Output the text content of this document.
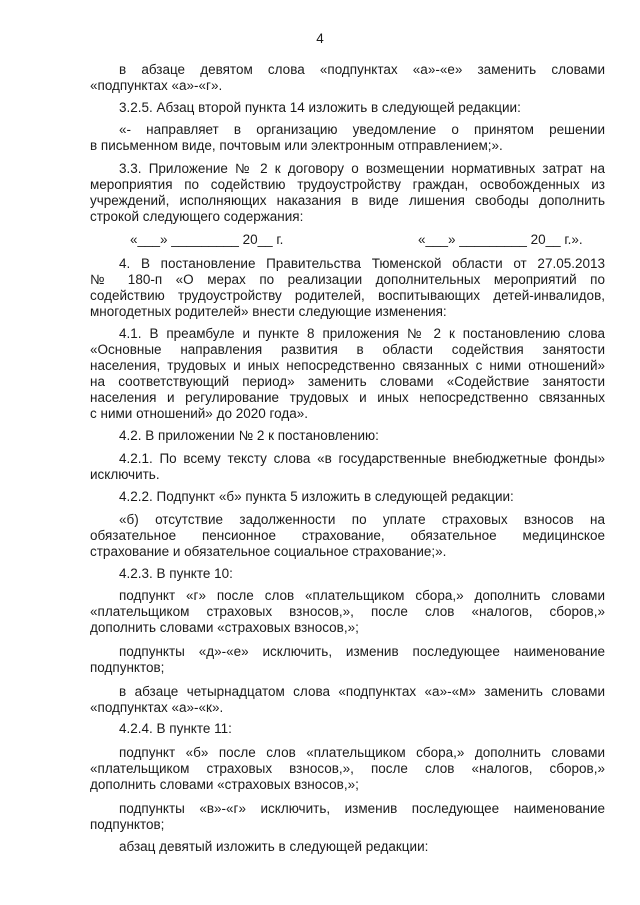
4
в абзаце девятом слова «подпунктах «а»-«е» заменить словами
«подпунктах «а»-«г».
3.2.5. Абзац второй пункта 14 изложить в следующей редакции:
«- направляет в организацию уведомление о принятом решении
в письменном виде, почтовым или электронным отправлением;».
3.3. Приложение № 2 к договору о возмещении нормативных затрат на
мероприятия по содействию трудоустройству граждан, освобожденных из
учреждений, исполняющих наказания в виде лишения свободы дополнить
строкой следующего содержания:
«___» _________ 20__ г.	«___» _________ 20__ г.».
4. В постановление Правительства Тюменской области от 27.05.2013
№ 180-п «О мерах по реализации дополнительных мероприятий по
содействию трудоустройству родителей, воспитывающих детей-инвалидов,
многодетных родителей» внести следующие изменения:
4.1. В преамбуле и пункте 8 приложения № 2 к постановлению слова
«Основные направления развития в области содействия занятости
населения, трудовых и иных непосредственно связанных с ними отношений»
на соответствующий период» заменить словами «Содействие занятости
населения и регулирование трудовых и иных непосредственно связанных
с ними отношений» до 2020 года».
4.2. В приложении № 2 к постановлению:
4.2.1. По всему тексту слова «в государственные внебюджетные фонды»
исключить.
4.2.2. Подпункт «б» пункта 5 изложить в следующей редакции:
«б) отсутствие задолженности по уплате страховых взносов на
обязательное пенсионное страхование, обязательное медицинское
страхование и обязательное социальное страхование;».
4.2.3. В пункте 10:
подпункт «г» после слов «плательщиком сбора,» дополнить словами
«плательщиком страховых взносов,», после слов «налогов, сборов,»
дополнить словами «страховых взносов,»;
подпункты «д»-«е» исключить, изменив последующее наименование
подпунктов;
в абзаце четырнадцатом слова «подпунктах «а»-«м» заменить словами
«подпунктах «а»-«к».
4.2.4. В пункте 11:
подпункт «б» после слов «плательщиком сбора,» дополнить словами
«плательщиком страховых взносов,», после слов «налогов, сборов,»
дополнить словами «страховых взносов,»;
подпункты «в»-«г» исключить, изменив последующее наименование
подпунктов;
абзац девятый изложить в следующей редакции:
